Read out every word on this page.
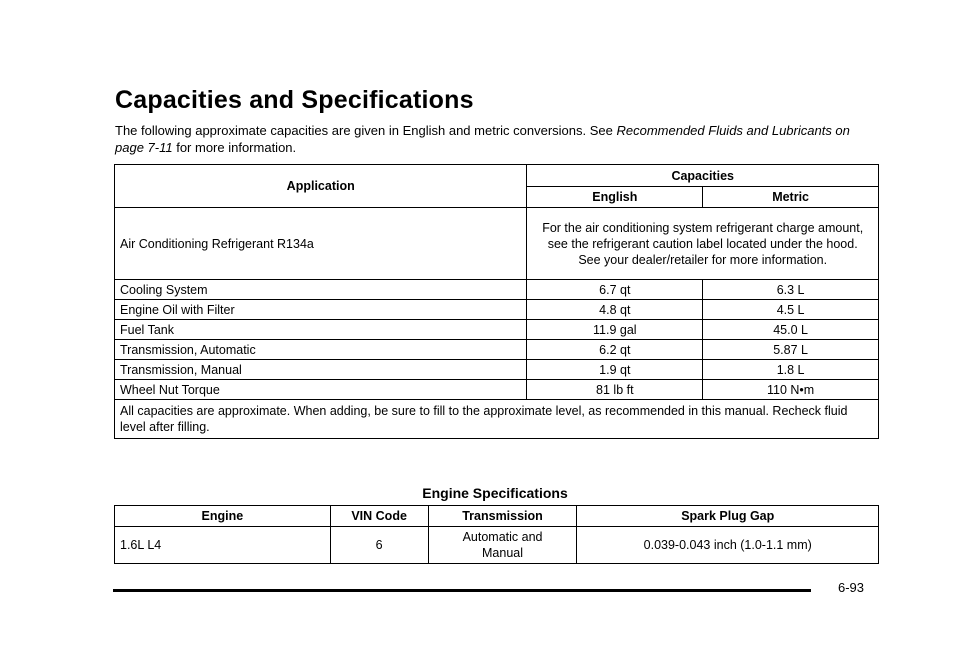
Capacities and Specifications

The following approximate capacities are given in English and metric conversions. See Recommended Fluids and Lubricants on page 7-11 for more information.

Application	Capacities	
	English	Metric
Air Conditioning Refrigerant R134a	For the air conditioning system refrigerant charge amount, see the refrigerant caution label located under the hood. See your dealer/retailer for more information.	
Cooling System	6.7 qt	6.3 L
Engine Oil with Filter	4.8 qt	4.5 L
Fuel Tank	11.9 gal	45.0 L
Transmission, Automatic	6.2 qt	5.87 L
Transmission, Manual	1.9 qt	1.8 L
Wheel Nut Torque	81 lb ft	110 N•m
All capacities are approximate. When adding, be sure to fill to the approximate level, as recommended in this manual. Recheck fluid level after filling.		
Engine Specifications
Engine	VIN Code	Transmission	Spark Plug Gap
1.6L L4	6	Automatic and Manual	0.039-0.043 inch (1.0-1.1 mm)
6-93
